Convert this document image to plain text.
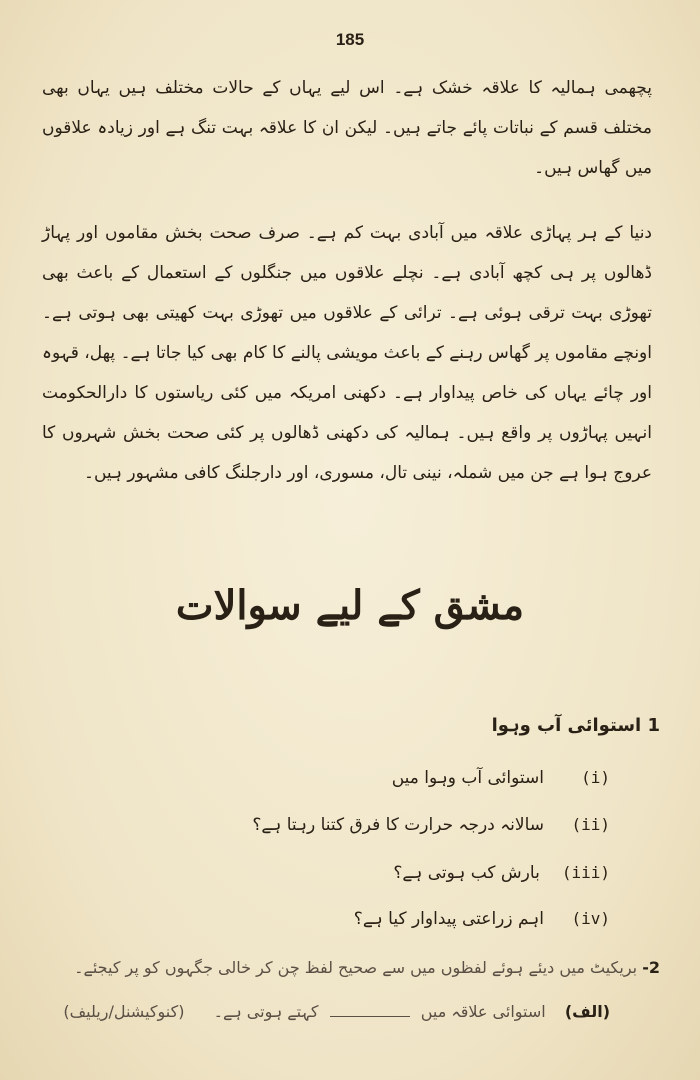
185

پچھمی ہمالیہ کا علاقہ خشک ہے۔ اس لیے یہاں کے حالات مختلف ہیں یہاں بھی مختلف قسم کے نباتات پائے جاتے ہیں۔ لیکن ان کا علاقہ بہت تنگ ہے اور زیادہ علاقوں میں گھاس ہیں۔

دنیا کے ہر پہاڑی علاقہ میں آبادی بہت کم ہے۔ صرف صحت بخش مقاموں اور پہاڑ ڈھالوں پر ہی کچھ آبادی ہے۔ نچلے علاقوں میں جنگلوں کے استعمال کے باعث بھی تھوڑی بہت ترقی ہوئی ہے۔ ترائی کے علاقوں میں تھوڑی بہت کھیتی بھی ہوتی ہے۔ اونچے مقاموں پر گھاس رہنے کے باعث مویشی پالنے کا کام بھی کیا جاتا ہے۔ پھل، قہوہ اور چائے یہاں کی خاص پیداوار ہے۔ دکھنی امریکہ میں کئی ریاستوں کا دارالحکومت انہیں پہاڑوں پر واقع ہیں۔ ہمالیہ کی دکھنی ڈھالوں پر کئی صحت بخش شہروں کا عروج ہوا ہے جن میں شملہ، نینی تال، مسوری، اور دارجلنگ کافی مشہور ہیں۔

مشق کے لیے سوالات
1 استوائی آب وہوا
(i)
استوائی آب وہوا میں
(ii)
سالانہ درجہ حرارت کا فرق کتنا رہتا ہے؟
(iii)
بارش کب ہوتی ہے؟
(iv)
اہم زراعتی پیداوار کیا ہے؟
2- بریکیٹ میں دیئے ہوئے لفظوں میں سے صحیح لفظ چن کر خالی جگہوں کو پر کیجئے۔
(الف) استوائی علاقہ میں  کہتے ہوتی ہے۔ (کنوکیشنل/ریلیف)
